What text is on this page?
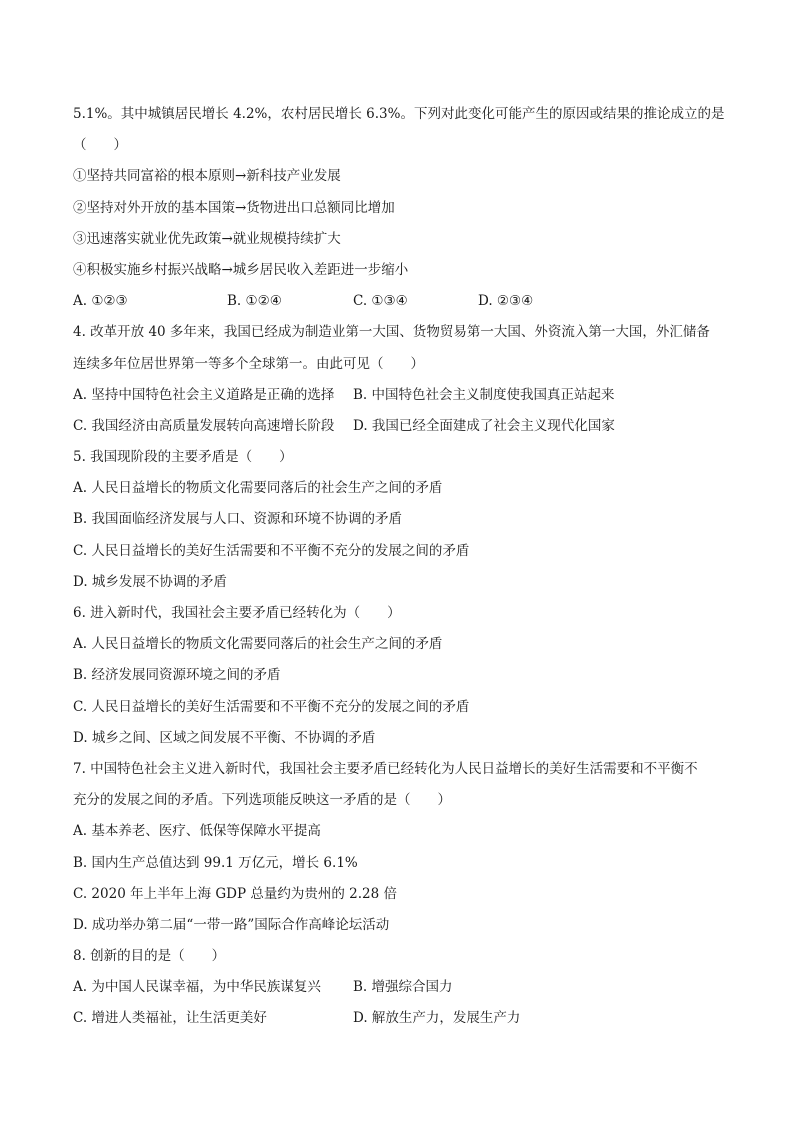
5.1%。其中城镇居民增长 4.2%，农村居民增长 6.3%。下列对此变化可能产生的原因或结果的推论成立的是
（　　）
①坚持共同富裕的根本原则→新科技产业发展
②坚持对外开放的基本国策→货物进出口总额同比增加
③迅速落实就业优先政策→就业规模持续扩大
④积极实施乡村振兴战略→城乡居民收入差距进一步缩小
A. ①②③	B. ①②④	C. ①③④	D. ②③④
4. 改革开放 40 多年来，我国已经成为制造业第一大国、货物贸易第一大国、外资流入第一大国，外汇储备
连续多年位居世界第一等多个全球第一。由此可见（　　）
A. 坚持中国特色社会主义道路是正确的选择	B. 中国特色社会主义制度使我国真正站起来
C. 我国经济由高质量发展转向高速增长阶段	D. 我国已经全面建成了社会主义现代化国家
5. 我国现阶段的主要矛盾是（　　）
A. 人民日益增长的物质文化需要同落后的社会生产之间的矛盾
B. 我国面临经济发展与人口、资源和环境不协调的矛盾
C. 人民日益增长的美好生活需要和不平衡不充分的发展之间的矛盾
D. 城乡发展不协调的矛盾
6. 进入新时代，我国社会主要矛盾已经转化为（　　）
A. 人民日益增长的物质文化需要同落后的社会生产之间的矛盾
B. 经济发展同资源环境之间的矛盾
C. 人民日益增长的美好生活需要和不平衡不充分的发展之间的矛盾
D. 城乡之间、区域之间发展不平衡、不协调的矛盾
7. 中国特色社会主义进入新时代，我国社会主要矛盾已经转化为人民日益增长的美好生活需要和不平衡不
充分的发展之间的矛盾。下列选项能反映这一矛盾的是（　　）
A. 基本养老、医疗、低保等保障水平提高
B. 国内生产总值达到 99.1 万亿元，增长 6.1%
C. 2020 年上半年上海 GDP 总量约为贵州的 2.28 倍
D. 成功举办第二届“一带一路”国际合作高峰论坛活动
8. 创新的目的是（　　）
A. 为中国人民谋幸福，为中华民族谋复兴	B. 增强综合国力
C. 增进人类福祉，让生活更美好	D. 解放生产力，发展生产力
